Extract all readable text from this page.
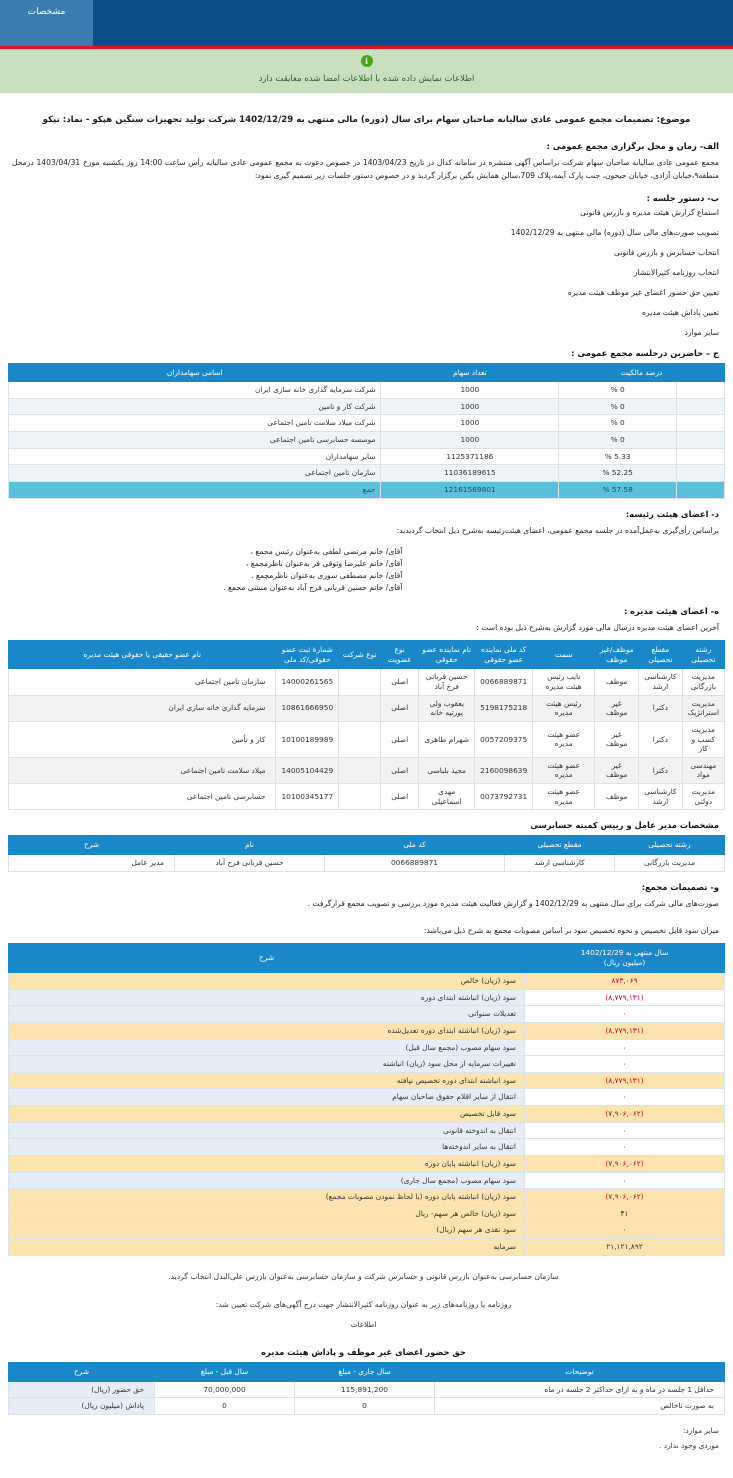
مشخصات
i
اطلاعات نمایش داده شده با اطلاعات امضا شده مغایقت دارد
موضوع: تصمیمات مجمع عمومی عادی سالیانه صاحبان سهام برای سال (دوره) مالی منتهی به 1402/12/29 شرکت تولید تجهیزات سنگین هپکو - نماد: تپکو
الف- زمان و محل برگزاری مجمع عمومی :
مجمع عمومی عادی سالیانه صاحبان سهام شرکت براساس آگهی منتشره در سامانه کدال در تاریخ 1403/04/23 در خصوص دعوت به مجمع عمومی عادی سالیانه رأس ساعت 14:00 روز یکشنبه مورخ 1403/04/31 درمحل منطقه۹،خیابان آزادی، خیابان جیحون، جنب پارک آیمه،پلاک 709،سالن همایش نگین برگزار گردید و در خصوص دستور جلسات زیر تصمیم گیری نمود:
ب- دستور جلسه :
استماع گزارش هیئت مدیره و بازرس قانونی
تصویب صورت‌های مالی سال (دوره) مالی منتهی به 1402/12/29
انتخاب حسابرس و بازرس قانونی
انتخاب روزنامه کثیرالانتشار
تعیین حق حضور اعضای غیر موظف هیئت مدیره
تعیین پاداش هیئت مدیره
سایر موارد
ج – حاضرین درجلسه مجمع عمومی :
درصد مالکیت		تعداد سهام	اسامی سهامداران
	0 %	1000	شرکت سرمایه گذاری خانه سازی ایران
	0 %	1000	شرکت کار و تامین
	0 %	1000	شرکت میلاد سلامت تامین اجتماعی
	0 %	1000	موسسه حسابرسی تامین اجتماعی
	5.33 %	1125371186	سایر سهامداران
	52.25 %	11036189615	سازمان تامین اجتماعی
	57.58 %	12161569801	جمع
د- اعضای هیئت رئیسه:
براساس رأی‌گیری به‌عمل‌آمده در جلسه مجمع عمومی، اعضای هیئت‌رئیسه به‌شرح ذیل انتخاب گردیدند:
آقای/ خانم مرتضی لطفی به‌عنوان رئیس مجمع ،
آقای/ خانم علیرضا وثوقی فر به‌عنوان ناظرمجمع ،
آقای/ خانم مصطفی سوری به‌عنوان ناظرمجمع .
آقای/ خانم حسین قربانی فرج آباد به‌عنوان منشی مجمع .
ه- اعضای هیئت مدیره :
آخرین اعضای هیئت مدیره درسال مالی مورد گزارش به‌شرح ذیل بوده است :
رشته تحصیلی	مقطع تحصیلی	موظف/غیر موظف	سمت	کد ملی نماینده عضو حقوقی	نام نماینده عضو حقوقی	نوع عضویت	نوع شرکت	شمارۀ ثبت عضو حقوقی/کد ملی	نام عضو حقیقی یا حقوقی هیئت مدیره
مدیریت بازرگانی	کارشناسی ارشد	موظف	نایب رئیس هیئت مدیره	0066889871	حسین قربانی فرج آباد	اصلی		14000261565	سازمان تامین اجتماعی
مدیریت استراتژیک	دکترا	غیر موظف	رئیس هیئت مدیره	5198175218	یعقوب ولی پورتپه خانه	اصلی		10861666950	سرمایه گذاری خانه سازی ایران
مدیریت کسب و کار	دکترا	غیر موظف	عضو هیئت مدیره	0057209375	شهرام طاهری	اصلی		10100189989	کار و تأمین
مهندسی مواد	دکترا	غیر موظف	عضو هیئت مدیره	2160098639	مجید بلباسی	اصلی		14005104429	میلاد سلامت تامین اجتماعی
مدیریت دولتی	کارشناسی ارشد	موظف	عضو هیئت مدیره	0073792731	مهدی اسماعیلی	اصلی		10100345177	حسابرسی تامین اجتماعی
مشخصات مدیر عامل و رییس کمیته حسابرسی
رشته تحصیلی	مقطع تحصیلی	کد ملی	نام	شرح
مدیریت بازرگانی	کارشناسی ارشد	0066889871	حسین قربانی فرج آباد	مدیر عامل
و- تصمیمات مجمع:
صورت‌های مالی شرکت برای سال منتهی به 1402/12/29 و گزارش فعالیت هیئت مدیره مورد بررسی و تصویب مجمع قرارگرفت .
میزان سود قابل تخصیص و نحوه تخصیص سود بر اساس مصوبات مجمع به شرح ذیل می‌باشد:
سال منتهی به 1402/12/29
(میلیون ریال)	شرح
۸۷۳,۰۶۹	سود (زیان) خالص
(۸,۷۷۹,۱۳۱)	سود (زیان) انباشته ابتدای دوره
۰	تعدیلات سنواتی
(۸,۷۷۹,۱۳۱)	سود (زیان) انباشته ابتدای دوره تعدیل‌شده
۰	سود سهام مصوب (مجمع سال قبل)
۰	تغییرات سرمایه از محل سود (زیان) انباشته
(۸,۷۷۹,۱۳۱)	سود انباشته ابتدای دوره تخصیص نیافته
۰	انتقال از سایر اقلام حقوق صاحبان سهام
(۷,۹۰۶,۰۶۲)	سود قابل تخصیص
۰	انتقال به اندوخته قانونی
۰	انتقال به سایر اندوخته‌ها
(۷,۹۰۶,۰۶۲)	سود (زیان) انباشته پایان دوره
۰	سود سهام مصوب (مجمع سال جاری)
(۷,۹۰۶,۰۶۲)	سود (زیان) انباشته پایان دوره (با لحاظ نمودن مصوبات مجمع)
۴۱	سود (زیان) خالص هر سهم- ریال
۰	سود نقدی هر سهم (ریال)
۲۱,۱۲۱,۸۹۲	سرمایه
سازمان حسابرسی به‌عنوان بازرس قانونی و حسابرس شرکت و سازمان حسابرسی به‌عنوان بازرس علی‌البدل انتخاب گردید.
روزنامه یا روزنامه‌های زیر به عنوان روزنامه کثیرالانتشار جهت درج آگهی‌های شرکت تعیین شد:
اطلاعات
حق حضور اعضای غیر موظف و پاداش هیئت مدیره
توضیحات	سال جاری - مبلغ	سال قبل - مبلغ	شرح
حداقل 1 جلسه در ماه و به ازای حداکثر 2 جلسه در ماه	115,891,200	70,000,000	حق حضور (ریال)
به صورت ناخالص	0	0	پاداش (میلیون ریال)
سایر موارد:
موردی وجود ندارد .
